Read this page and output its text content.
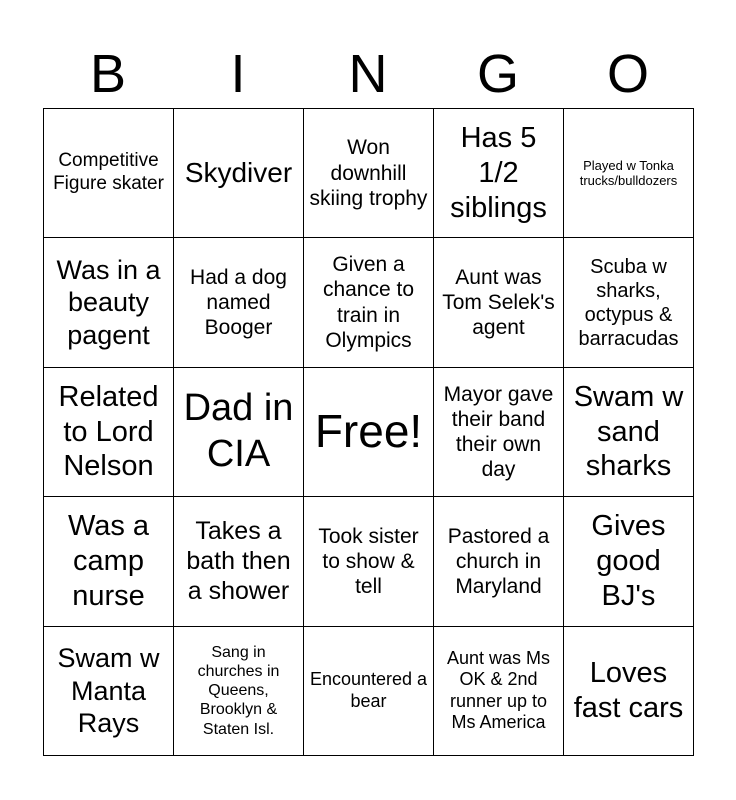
B	I	N	G	O
Competitive Figure skater	Skydiver	Won downhill skiing trophy	Has 5 1/2 siblings	Played w Tonka trucks/bulldozers
Was in a beauty pagent	Had a dog named Booger	Given a chance to train in Olympics	Aunt was Tom Selek's agent	Scuba w sharks, octypus & barracudas
Related to Lord Nelson	Dad in CIA	Free!	Mayor gave their band their own day	Swam w sand sharks
Was a camp nurse	Takes a bath then a shower	Took sister to show & tell	Pastored a church in Maryland	Gives good BJ's
Swam w Manta Rays	Sang in churches in Queens, Brooklyn & Staten Isl.	Encountered a bear	Aunt was Ms OK & 2nd runner up to Ms America	Loves fast cars
